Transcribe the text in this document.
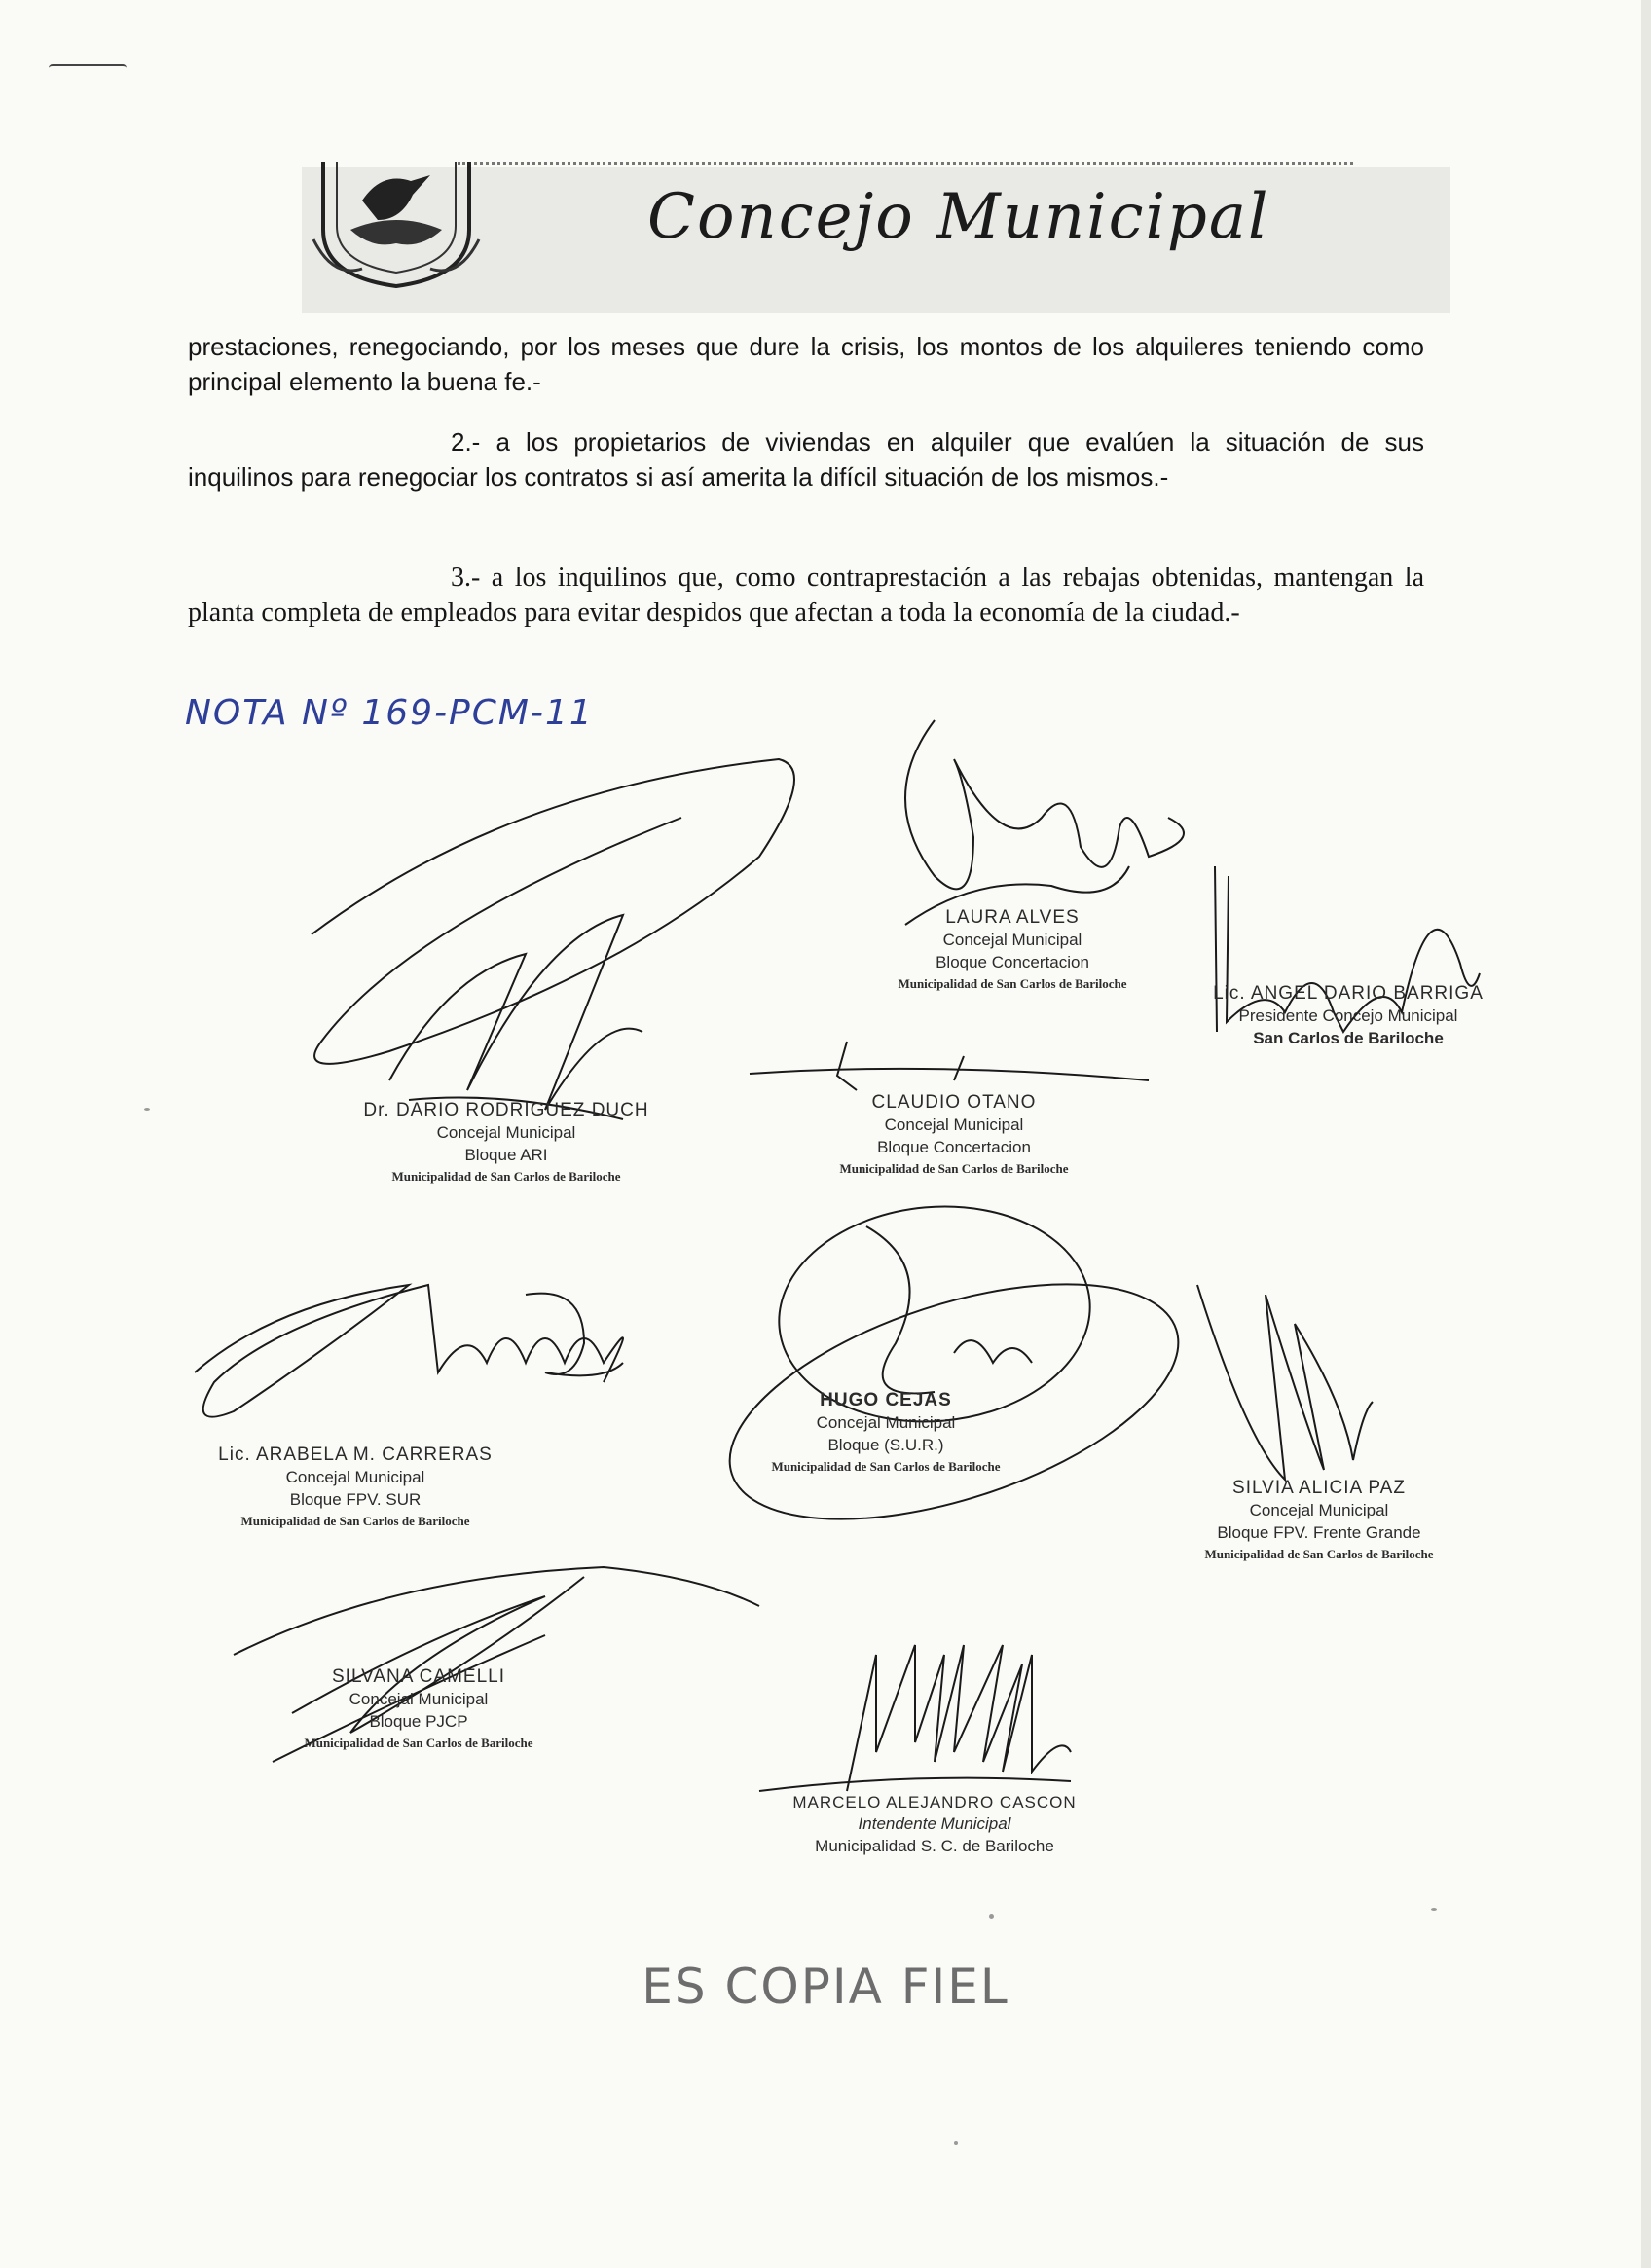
Concejo Municipal
prestaciones, renegociando, por los meses que dure la crisis, los montos de los alquileres teniendo como principal elemento la buena fe.-
2.- a los propietarios de viviendas en alquiler que evalúen la situación de sus inquilinos para renegociar los contratos si así amerita la difícil situación de los mismos.-
3.- a los inquilinos que, como contraprestación a las rebajas obtenidas, mantengan la planta completa de empleados para evitar despidos que afectan a toda la economía de la ciudad.-
NOTA Nº 169-PCM-11
LAURA ALVES
Concejal Municipal
Bloque Concertacion
Municipalidad de San Carlos de Bariloche	Lic. ANGEL DARIO BARRIGA
Presidente Concejo Municipal
San Carlos de Bariloche
Dr. DARIO RODRIGUEZ DUCH
Concejal Municipal
Bloque ARI
Municipalidad de San Carlos de Bariloche
CLAUDIO OTANO
Concejal Municipal
Bloque Concertacion
Municipalidad de San Carlos de Bariloche
HUGO CEJAS
Concejal Municipal
Bloque (S.U.R.)
Municipalidad de San Carlos de Bariloche
Lic. ARABELA M. CARRERAS
Concejal Municipal
Bloque FPV. SUR
Municipalidad de San Carlos de Bariloche
SILVIA ALICIA PAZ
Concejal Municipal
Bloque FPV. Frente Grande
Municipalidad de San Carlos de Bariloche
SILVANA CAMELLI
Concejal Municipal
Bloque PJCP
Municipalidad de San Carlos de Bariloche
MARCELO ALEJANDRO CASCON
Intendente Municipal
Municipalidad S. C. de Bariloche
ES COPIA FIEL
